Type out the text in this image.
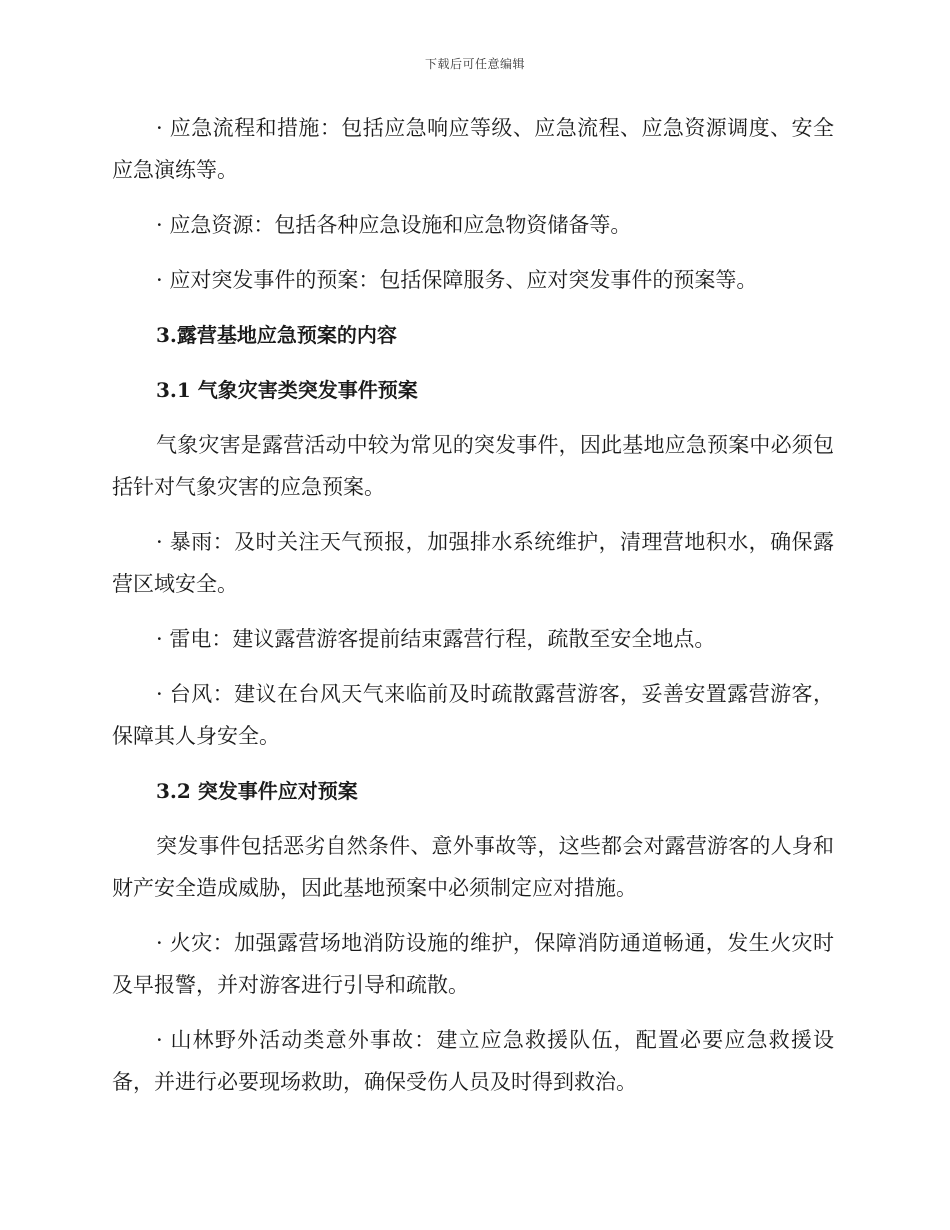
下载后可任意编辑

· 应急流程和措施：包括应急响应等级、应急流程、应急资源调度、安全应急演练等。

· 应急资源：包括各种应急设施和应急物资储备等。

· 应对突发事件的预案：包括保障服务、应对突发事件的预案等。

3.露营基地应急预案的内容
3.1 气象灾害类突发事件预案

气象灾害是露营活动中较为常见的突发事件，因此基地应急预案中必须包括针对气象灾害的应急预案。

· 暴雨：及时关注天气预报，加强排水系统维护，清理营地积水，确保露营区域安全。

· 雷电：建议露营游客提前结束露营行程，疏散至安全地点。

· 台风：建议在台风天气来临前及时疏散露营游客，妥善安置露营游客，保障其人身安全。

3.2 突发事件应对预案

突发事件包括恶劣自然条件、意外事故等，这些都会对露营游客的人身和财产安全造成威胁，因此基地预案中必须制定应对措施。

· 火灾：加强露营场地消防设施的维护，保障消防通道畅通，发生火灾时及早报警，并对游客进行引导和疏散。

· 山林野外活动类意外事故：建立应急救援队伍，配置必要应急救援设备，并进行必要现场救助，确保受伤人员及时得到救治。
